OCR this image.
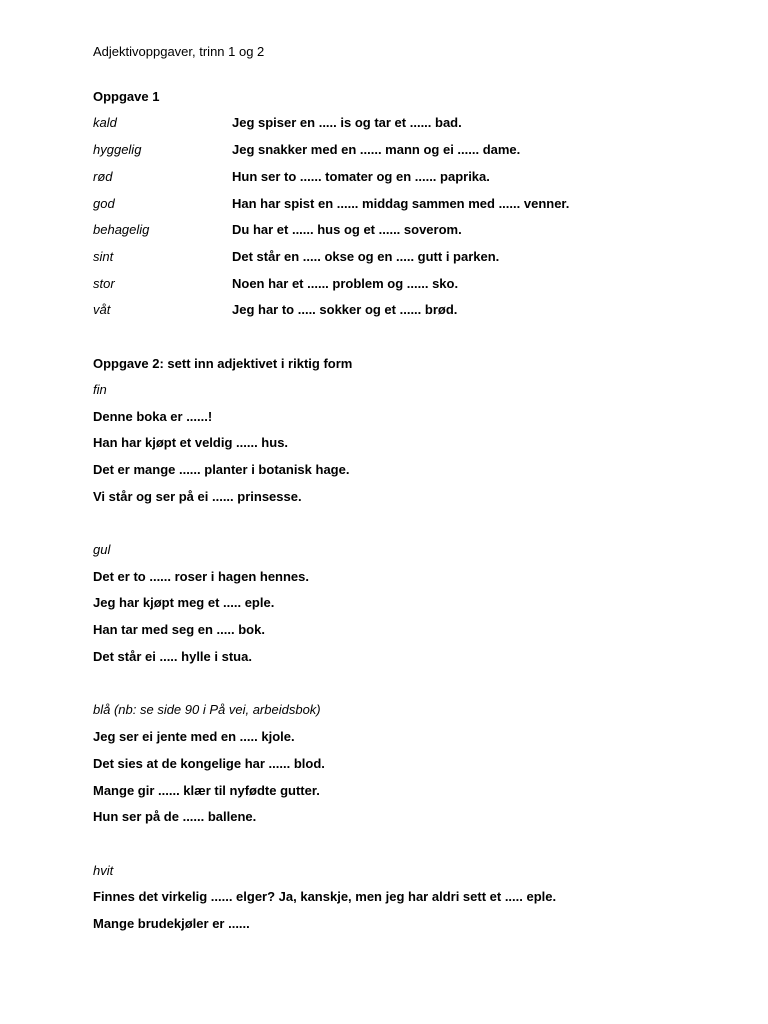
Adjektivoppgaver, trinn 1 og 2
Oppgave 1
kald	Jeg spiser en ..... is og tar et ...... bad.
hyggelig	Jeg snakker med en ...... mann og ei ...... dame.
rød	Hun ser to ...... tomater og en ...... paprika.
god	Han har spist en ...... middag sammen med ...... venner.
behagelig	Du har et ...... hus og et ...... soverom.
sint	Det står en ..... okse og en ..... gutt i parken.
stor	Noen har et ...... problem og ...... sko.
våt	Jeg har to ..... sokker og et ...... brød.
Oppgave 2: sett inn adjektivet i riktig form
fin
Denne boka er ......!
Han har kjøpt et veldig ...... hus.
Det er mange ...... planter i botanisk hage.
Vi står og ser på ei ...... prinsesse.
gul
Det er to ...... roser i hagen hennes.
Jeg har kjøpt meg et ..... eple.
Han tar med seg en ..... bok.
Det står ei ..... hylle i stua.
blå (nb: se side 90 i På vei, arbeidsbok)
Jeg ser ei jente med en ..... kjole.
Det sies at de kongelige har ...... blod.
Mange gir ...... klær til nyfødte gutter.
Hun ser på de ...... ballene.
hvit
Finnes det virkelig ...... elger? Ja, kanskje, men jeg har aldri sett et ..... eple.
Mange brudekjøler er ......
